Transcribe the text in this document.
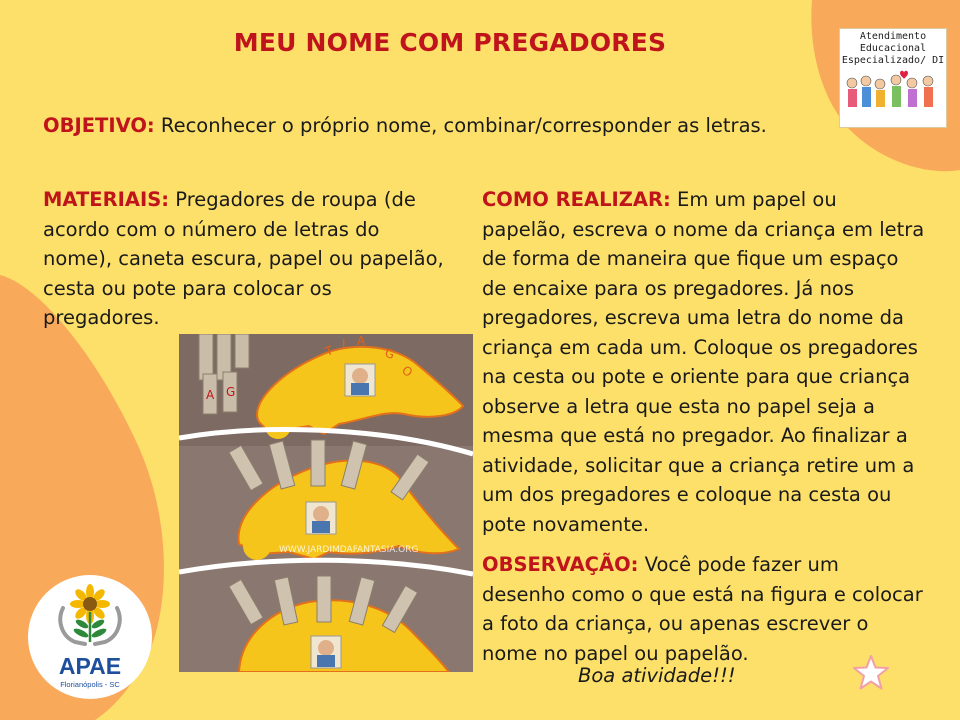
MEU NOME COM PREGADORES	Atendimento
Educacional
Especializado/ DI
OBJETIVO: Reconhecer o próprio nome, combinar/corresponder as letras.
MATERIAIS: Pregadores de roupa (de acordo com o número de letras do nome), caneta escura, papel ou papelão, cesta ou pote para colocar os pregadores.
COMO REALIZAR: Em um papel ou papelão, escreva o nome da criança em letra de forma de maneira que fique um espaço de encaixe para os pregadores. Já nos pregadores, escreva uma letra do nome da criança em cada um. Coloque os pregadores na cesta ou pote e oriente para que criança observe a letra que esta no papel seja a mesma que está no pregador. Ao finalizar a atividade, solicitar que a criança retire um a um dos pregadores e coloque na cesta ou pote novamente.
OBSERVAÇÃO: Você pode fazer um desenho como o que está na figura e colocar a foto da criança, ou apenas escrever o nome no papel ou papelão.
Boa atividade!!!
T I A
G
O
A G
WWW.JARDIMDAFANTASIA.ORG
APAE
Florianópolis - SC
